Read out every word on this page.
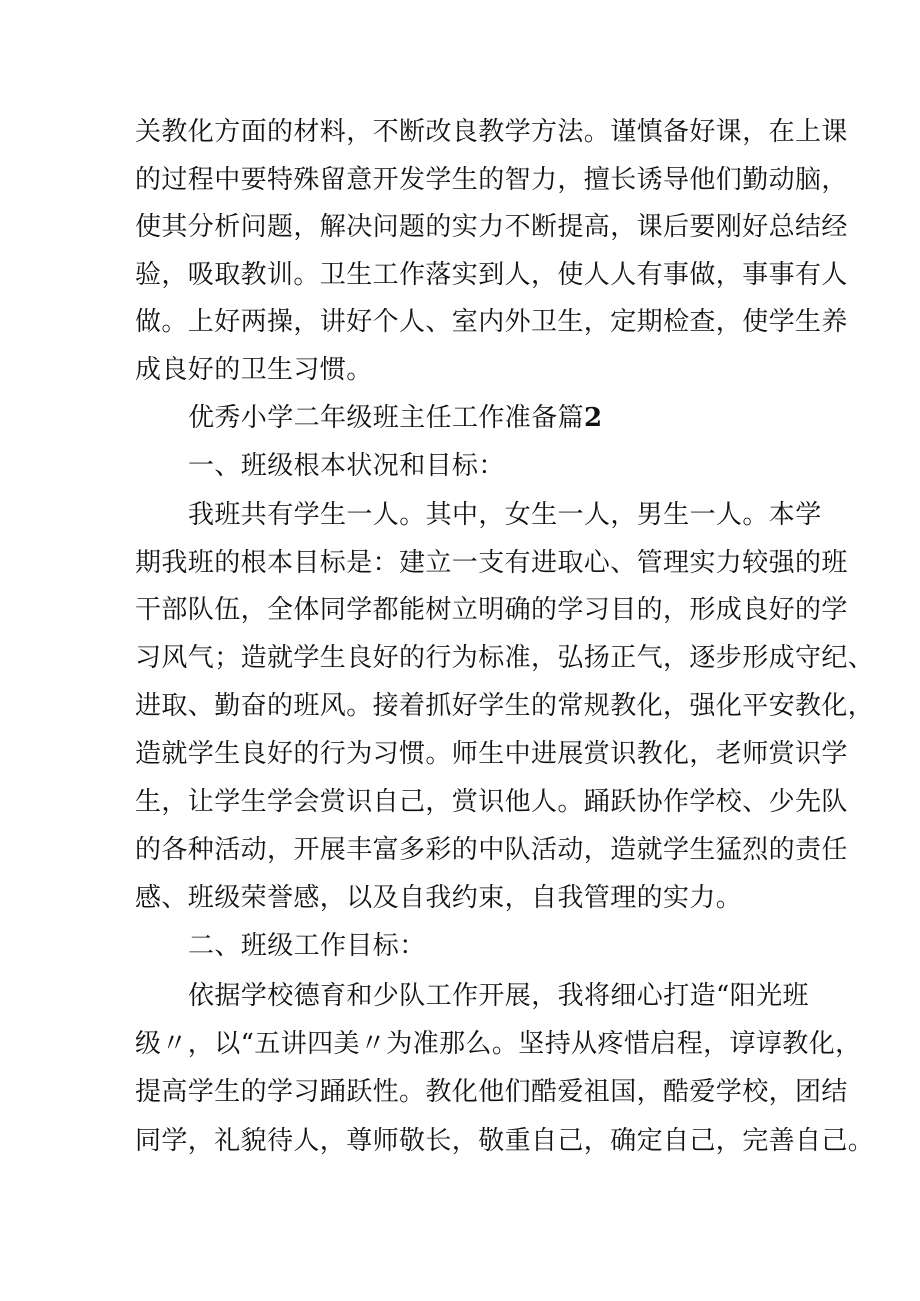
关教化方面的材料，不断改良教学方法。谨慎备好课，在上课
的过程中要特殊留意开发学生的智力，擅长诱导他们勤动脑，
使其分析问题，解决问题的实力不断提高，课后要刚好总结经
验，吸取教训。卫生工作落实到人，使人人有事做，事事有人
做。上好两操，讲好个人、室内外卫生，定期检查，使学生养
成良好的卫生习惯。
优秀小学二年级班主任工作准备篇2
一、班级根本状况和目标：
我班共有学生一人。其中，女生一人，男生一人。本学
期我班的根本目标是：建立一支有进取心、管理实力较强的班
干部队伍，全体同学都能树立明确的学习目的，形成良好的学
习风气；造就学生良好的行为标准，弘扬正气，逐步形成守纪、
进取、勤奋的班风。接着抓好学生的常规教化，强化平安教化，
造就学生良好的行为习惯。师生中进展赏识教化，老师赏识学
生，让学生学会赏识自己，赏识他人。踊跃协作学校、少先队
的各种活动，开展丰富多彩的中队活动，造就学生猛烈的责任
感、班级荣誉感，以及自我约束，自我管理的实力。
二、班级工作目标：
依据学校德育和少队工作开展，我将细心打造“阳光班
级〃，以“五讲四美〃为准那么。坚持从疼惜启程，谆谆教化，
提高学生的学习踊跃性。教化他们酷爱祖国，酷爱学校，团结
同学，礼貌待人，尊师敬长，敬重自己，确定自己，完善自己。
